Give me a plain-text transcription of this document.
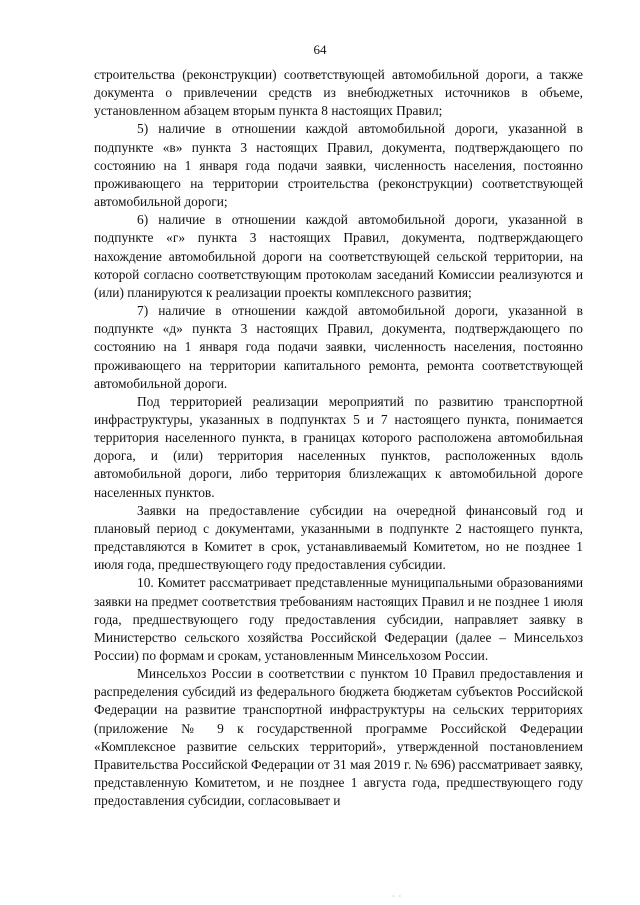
64

строительства (реконструкции) соответствующей автомобильной дороги, а также документа о привлечении средств из внебюджетных источников в объеме, установленном абзацем вторым пункта 8 настоящих Правил;

5) наличие в отношении каждой автомобильной дороги, указанной в подпункте «в» пункта 3 настоящих Правил, документа, подтверждающего по состоянию на 1 января года подачи заявки, численность населения, постоянно проживающего на территории строительства (реконструкции) соответствующей автомобильной дороги;

6) наличие в отношении каждой автомобильной дороги, указанной в подпункте «г» пункта 3 настоящих Правил, документа, подтверждающего нахождение автомобильной дороги на соответствующей сельской территории, на которой согласно соответствующим протоколам заседаний Комиссии реализуются и (или) планируются к реализации проекты комплексного развития;

7) наличие в отношении каждой автомобильной дороги, указанной в подпункте «д» пункта 3 настоящих Правил, документа, подтверждающего по состоянию на 1 января года подачи заявки, численность населения, постоянно проживающего на территории капитального ремонта, ремонта соответствующей автомобильной дороги.

Под территорией реализации мероприятий по развитию транспортной инфраструктуры, указанных в подпунктах 5 и 7 настоящего пункта, понимается территория населенного пункта, в границах которого расположена автомобильная дорога, и (или) территория населенных пунктов, расположенных вдоль автомобильной дороги, либо территория близлежащих к автомобильной дороге населенных пунктов.

Заявки на предоставление субсидии на очередной финансовый год и плановый период с документами, указанными в подпункте 2 настоящего пункта, представляются в Комитет в срок, устанавливаемый Комитетом, но не позднее 1 июля года, предшествующего году предоставления субсидии.

10. Комитет рассматривает представленные муниципальными образованиями заявки на предмет соответствия требованиям настоящих Правил и не позднее 1 июля года, предшествующего году предоставления субсидии, направляет заявку в Министерство сельского хозяйства Российской Федерации (далее – Минсельхоз России) по формам и срокам, установленным Минсельхозом России.

Минсельхоз России в соответствии с пунктом 10 Правил предоставления и распределения субсидий из федерального бюджета бюджетам субъектов Российской Федерации на развитие транспортной инфраструктуры на сельских территориях (приложение № 9 к государственной программе Российской Федерации «Комплексное развитие сельских территорий», утвержденной постановлением Правительства Российской Федерации от 31 мая 2019 г. № 696) рассматривает заявку, представленную Комитетом, и не позднее 1 августа года, предшествующего году предоставления субсидии, согласовывает и

· ·
